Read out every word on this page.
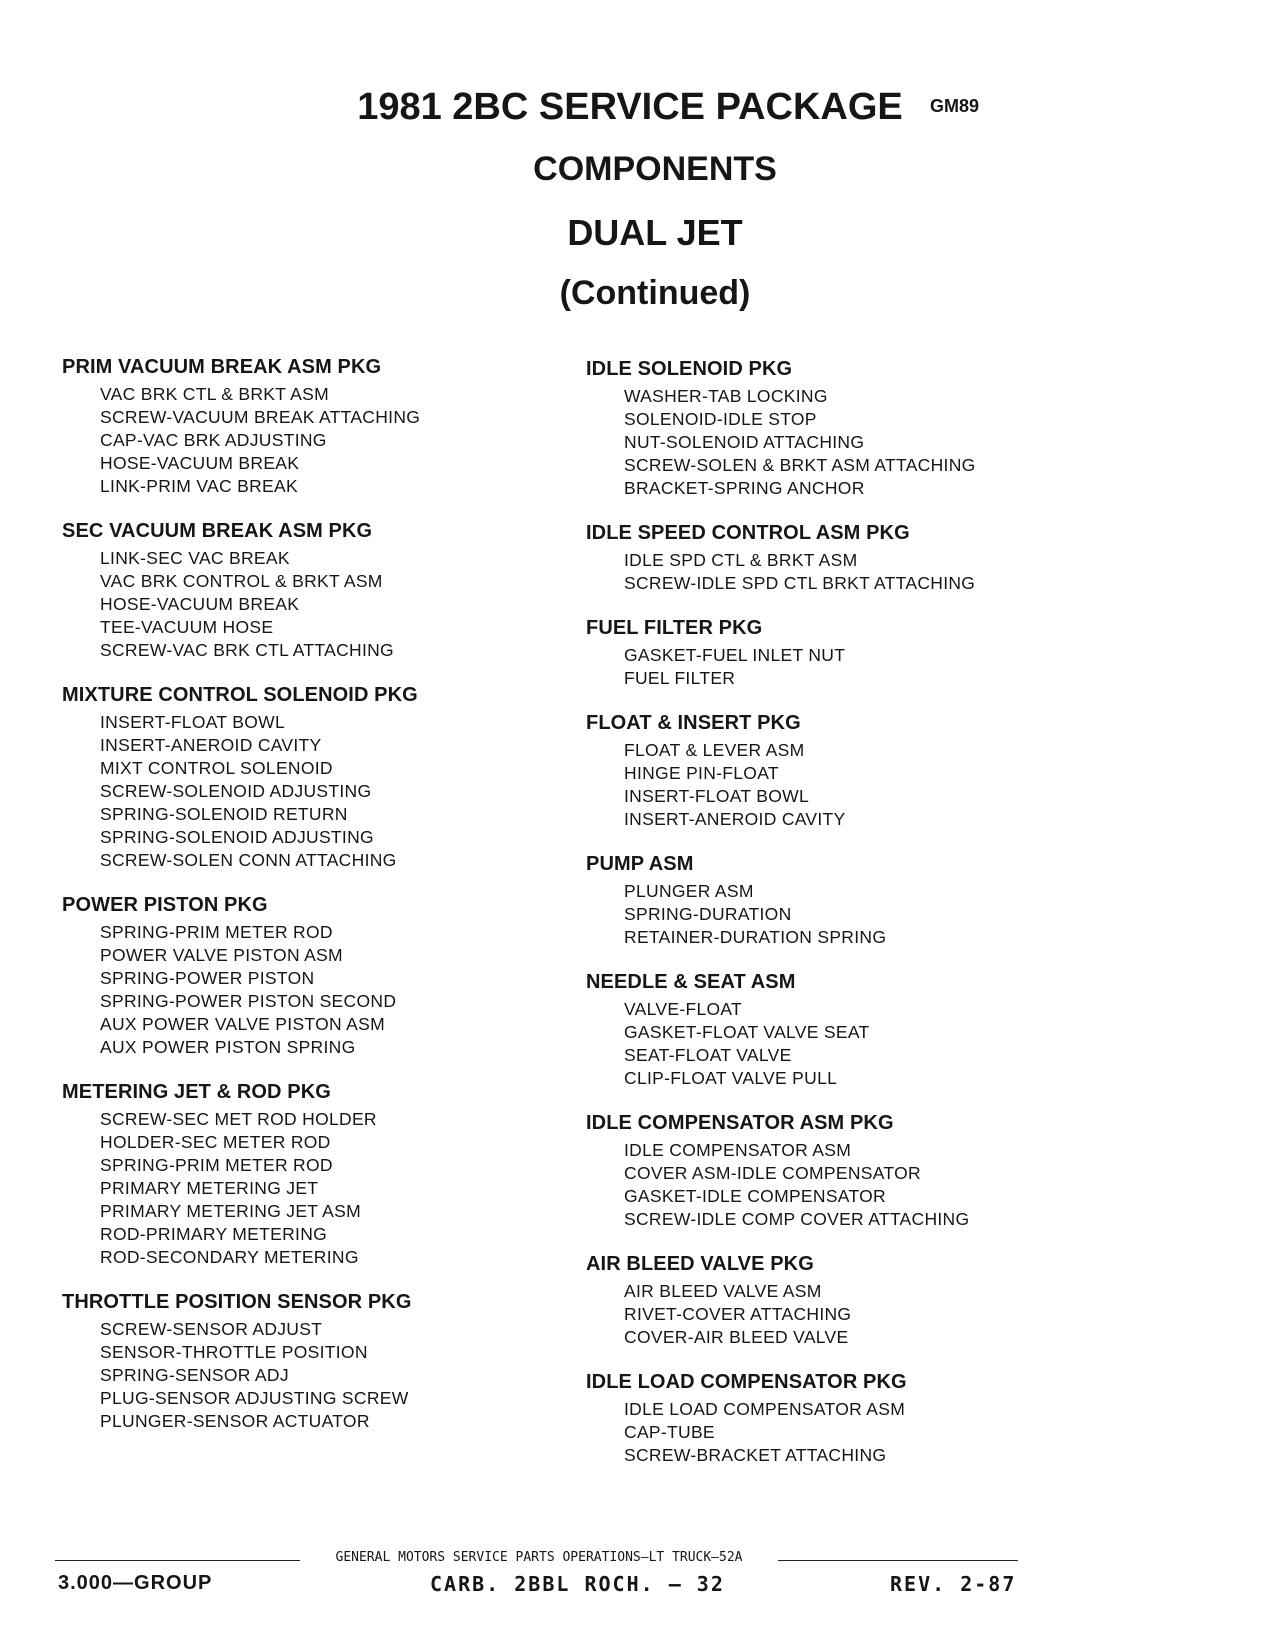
1981 2BC SERVICE PACKAGE	GM89
COMPONENTS
DUAL JET
(Continued)
PRIM VACUUM BREAK ASM PKG
VAC BRK CTL & BRKT ASM
SCREW-VACUUM BREAK ATTACHING
CAP-VAC BRK ADJUSTING
HOSE-VACUUM BREAK
LINK-PRIM VAC BREAK
SEC VACUUM BREAK ASM PKG
LINK-SEC VAC BREAK
VAC BRK CONTROL & BRKT ASM
HOSE-VACUUM BREAK
TEE-VACUUM HOSE
SCREW-VAC BRK CTL ATTACHING
MIXTURE CONTROL SOLENOID PKG
INSERT-FLOAT BOWL
INSERT-ANEROID CAVITY
MIXT CONTROL SOLENOID
SCREW-SOLENOID ADJUSTING
SPRING-SOLENOID RETURN
SPRING-SOLENOID ADJUSTING
SCREW-SOLEN CONN ATTACHING
POWER PISTON PKG
SPRING-PRIM METER ROD
POWER VALVE PISTON ASM
SPRING-POWER PISTON
SPRING-POWER PISTON SECOND
AUX POWER VALVE PISTON ASM
AUX POWER PISTON SPRING
METERING JET & ROD PKG
SCREW-SEC MET ROD HOLDER
HOLDER-SEC METER ROD
SPRING-PRIM METER ROD
PRIMARY METERING JET
PRIMARY METERING JET ASM
ROD-PRIMARY METERING
ROD-SECONDARY METERING
THROTTLE POSITION SENSOR PKG
SCREW-SENSOR ADJUST
SENSOR-THROTTLE POSITION
SPRING-SENSOR ADJ
PLUG-SENSOR ADJUSTING SCREW
PLUNGER-SENSOR ACTUATOR
IDLE SOLENOID PKG
WASHER-TAB LOCKING
SOLENOID-IDLE STOP
NUT-SOLENOID ATTACHING
SCREW-SOLEN & BRKT ASM ATTACHING
BRACKET-SPRING ANCHOR
IDLE SPEED CONTROL ASM PKG
IDLE SPD CTL & BRKT ASM
SCREW-IDLE SPD CTL BRKT ATTACHING
FUEL FILTER PKG
GASKET-FUEL INLET NUT
FUEL FILTER
FLOAT & INSERT PKG
FLOAT & LEVER ASM
HINGE PIN-FLOAT
INSERT-FLOAT BOWL
INSERT-ANEROID CAVITY
PUMP ASM
PLUNGER ASM
SPRING-DURATION
RETAINER-DURATION SPRING
NEEDLE & SEAT ASM
VALVE-FLOAT
GASKET-FLOAT VALVE SEAT
SEAT-FLOAT VALVE
CLIP-FLOAT VALVE PULL
IDLE COMPENSATOR ASM PKG
IDLE COMPENSATOR ASM
COVER ASM-IDLE COMPENSATOR
GASKET-IDLE COMPENSATOR
SCREW-IDLE COMP COVER ATTACHING
AIR BLEED VALVE PKG
AIR BLEED VALVE ASM
RIVET-COVER ATTACHING
COVER-AIR BLEED VALVE
IDLE LOAD COMPENSATOR PKG
IDLE LOAD COMPENSATOR ASM
CAP-TUBE
SCREW-BRACKET ATTACHING
GENERAL MOTORS SERVICE PARTS OPERATIONS—LT TRUCK—52A
3.000—GROUP	CARB. 2BBL ROCH. — 32	REV. 2-87
